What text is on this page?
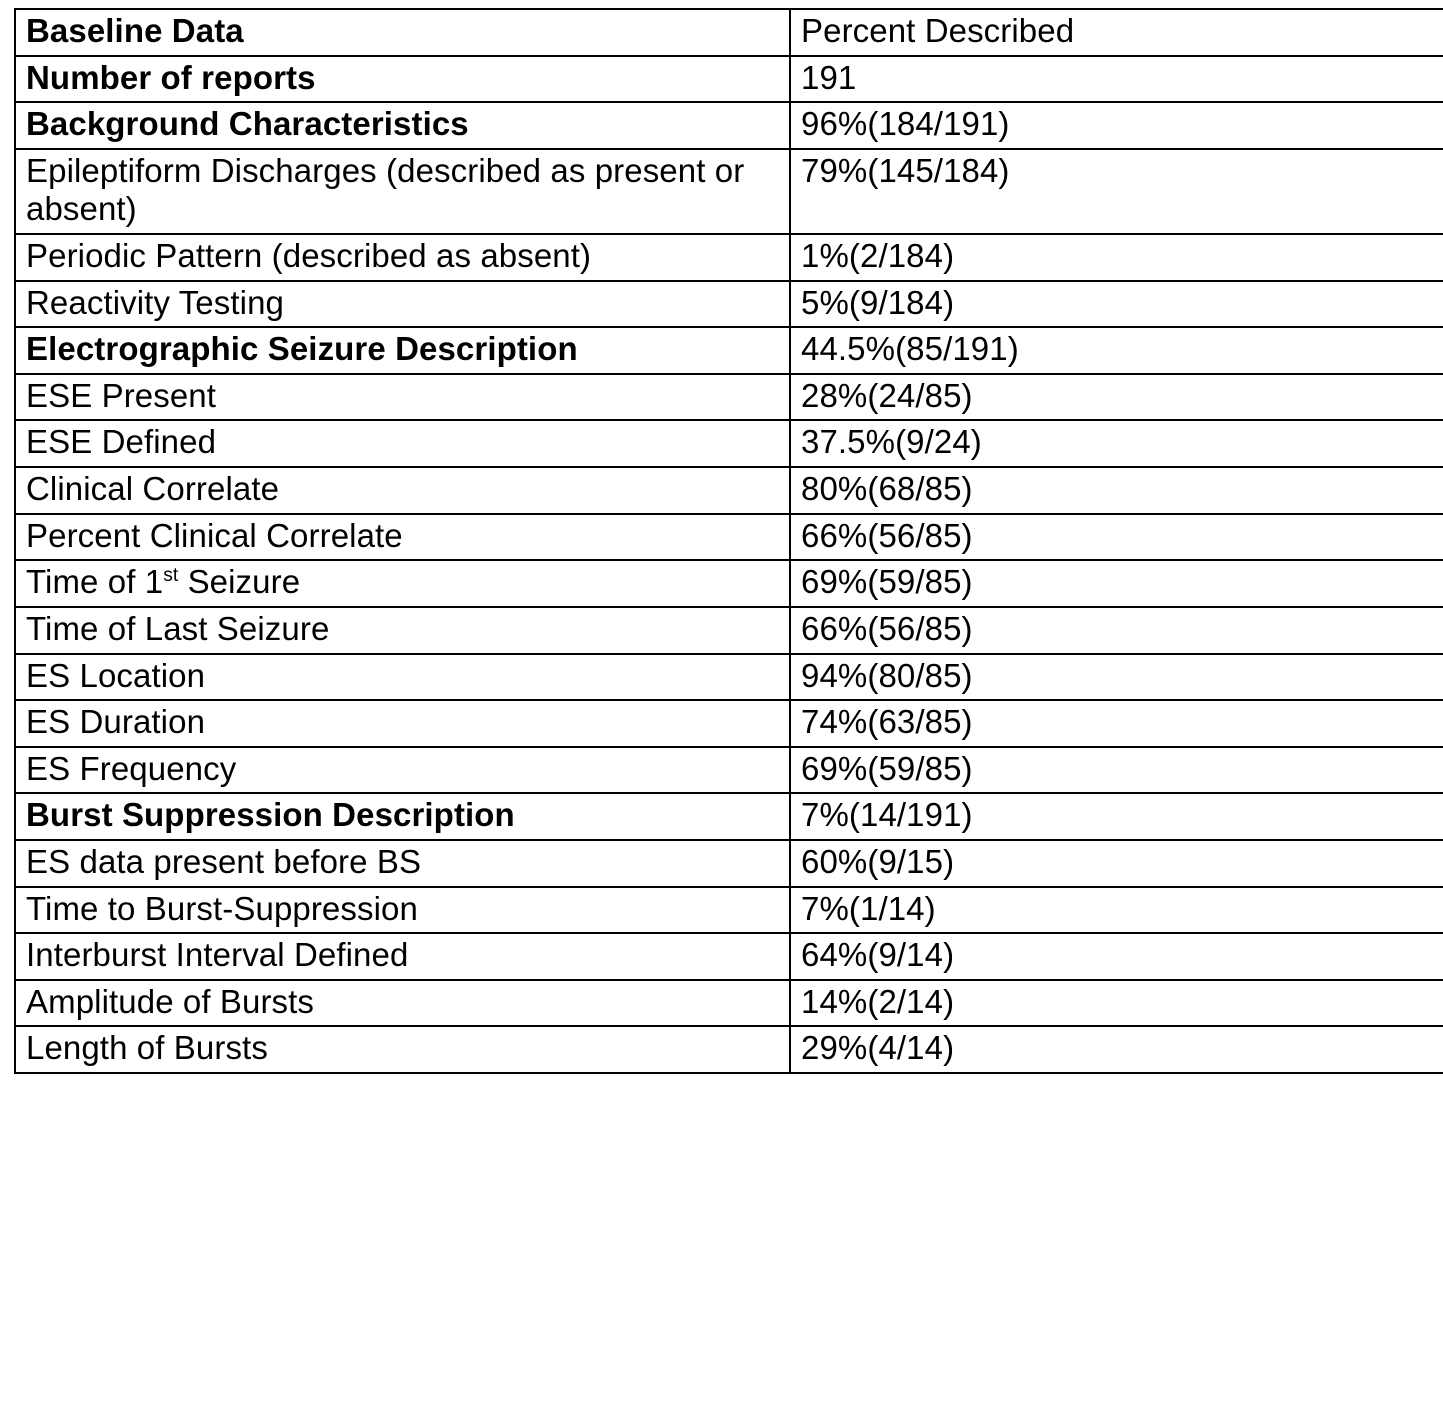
Baseline Data	Percent Described
Number of reports	191
Background Characteristics	96%(184/191)
Epileptiform Discharges (described as present or absent)	79%(145/184)
Periodic Pattern (described as absent)	1%(2/184)
Reactivity Testing	5%(9/184)
Electrographic Seizure Description	44.5%(85/191)
ESE Present	28%(24/85)
ESE Defined	37.5%(9/24)
Clinical Correlate	80%(68/85)
Percent Clinical Correlate	66%(56/85)
Time of 1st Seizure	69%(59/85)
Time of Last Seizure	66%(56/85)
ES Location	94%(80/85)
ES Duration	74%(63/85)
ES Frequency	69%(59/85)
Burst Suppression Description	7%(14/191)
ES data present before BS	60%(9/15)
Time to Burst-Suppression	7%(1/14)
Interburst Interval Defined	64%(9/14)
Amplitude of Bursts	14%(2/14)
Length of Bursts	29%(4/14)
